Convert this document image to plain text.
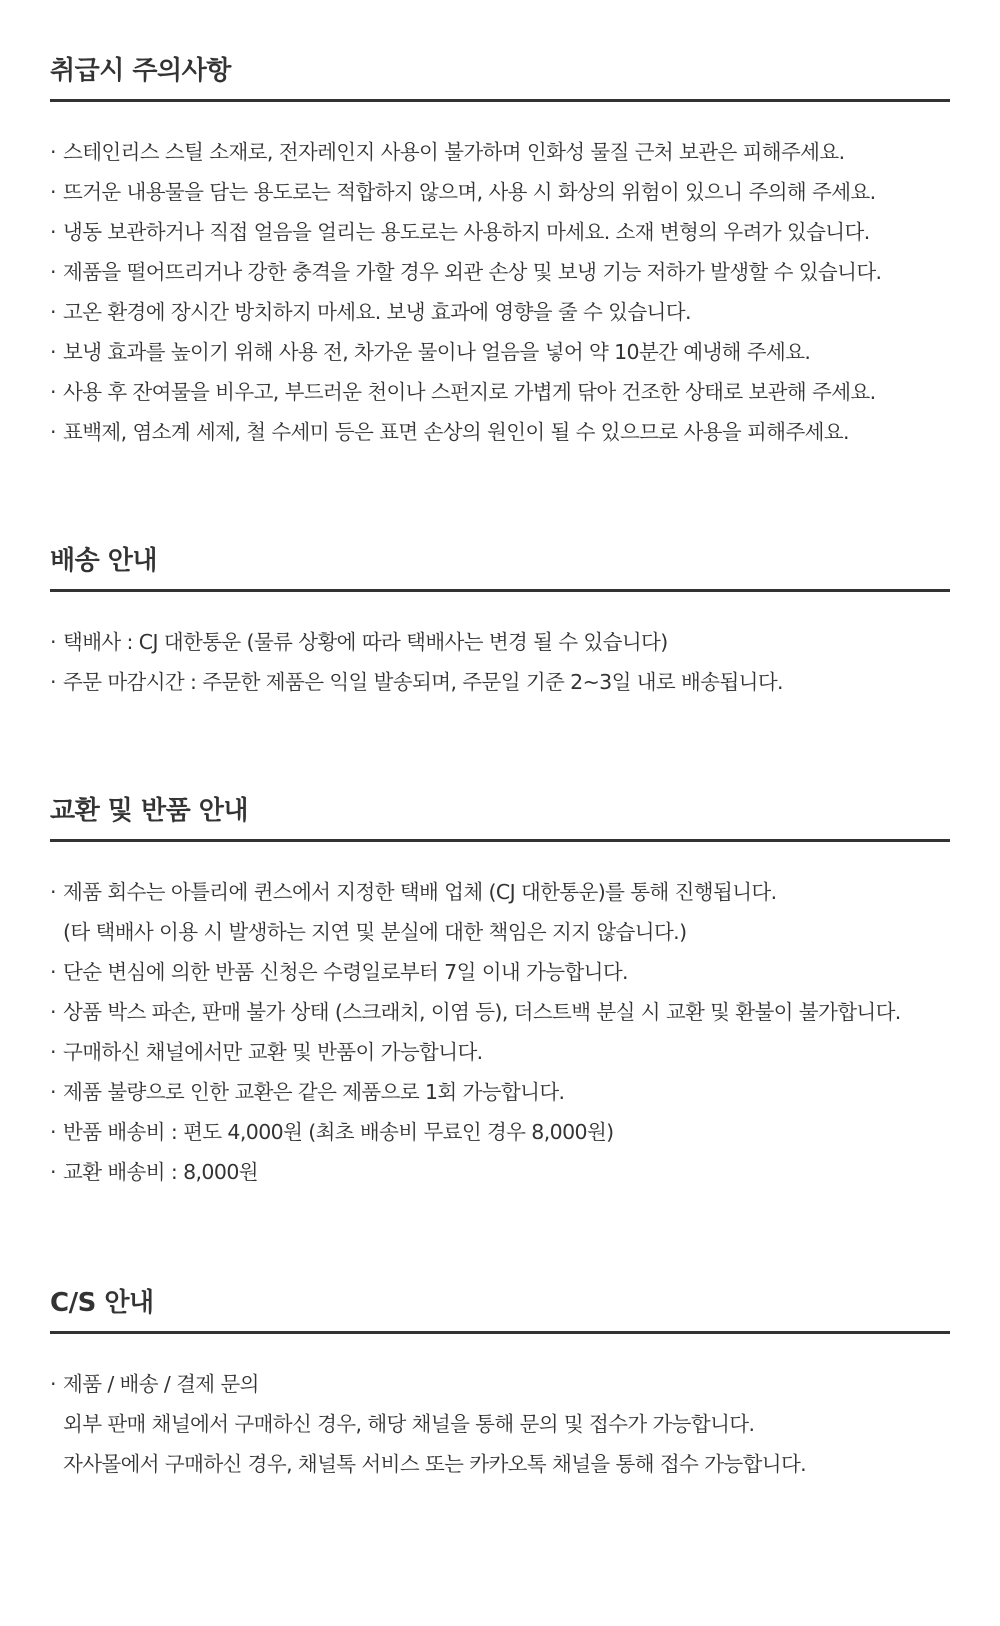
취급시 주의사항
· 스테인리스 스틸 소재로, 전자레인지 사용이 불가하며 인화성 물질 근처 보관은 피해주세요.
· 뜨거운 내용물을 담는 용도로는 적합하지 않으며, 사용 시 화상의 위험이 있으니 주의해 주세요.
· 냉동 보관하거나 직접 얼음을 얼리는 용도로는 사용하지 마세요. 소재 변형의 우려가 있습니다.
· 제품을 떨어뜨리거나 강한 충격을 가할 경우 외관 손상 및 보냉 기능 저하가 발생할 수 있습니다.
· 고온 환경에 장시간 방치하지 마세요. 보냉 효과에 영향을 줄 수 있습니다.
· 보냉 효과를 높이기 위해 사용 전, 차가운 물이나 얼음을 넣어 약 10분간 예냉해 주세요.
· 사용 후 잔여물을 비우고, 부드러운 천이나 스펀지로 가볍게 닦아 건조한 상태로 보관해 주세요.
· 표백제, 염소계 세제, 철 수세미 등은 표면 손상의 원인이 될 수 있으므로 사용을 피해주세요.
배송 안내
· 택배사 : CJ 대한통운 (물류 상황에 따라 택배사는 변경 될 수 있습니다)
· 주문 마감시간 : 주문한 제품은 익일 발송되며, 주문일 기준 2~3일 내로 배송됩니다.
교환 및 반품 안내
· 제품 회수는 아틀리에 퀸스에서 지정한 택배 업체 (CJ 대한통운)를 통해 진행됩니다.
(타 택배사 이용 시 발생하는 지연 및 분실에 대한 책임은 지지 않습니다.)
· 단순 변심에 의한 반품 신청은 수령일로부터 7일 이내 가능합니다.
· 상품 박스 파손, 판매 불가 상태 (스크래치, 이염 등), 더스트백 분실 시 교환 및 환불이 불가합니다.
· 구매하신 채널에서만 교환 및 반품이 가능합니다.
· 제품 불량으로 인한 교환은 같은 제품으로 1회 가능합니다.
· 반품 배송비 : 편도 4,000원 (최초 배송비 무료인 경우 8,000원)
· 교환 배송비 : 8,000원
C/S 안내
· 제품 / 배송 / 결제 문의
외부 판매 채널에서 구매하신 경우, 해당 채널을 통해 문의 및 접수가 가능합니다.
자사몰에서 구매하신 경우, 채널톡 서비스 또는 카카오톡 채널을 통해 접수 가능합니다.
